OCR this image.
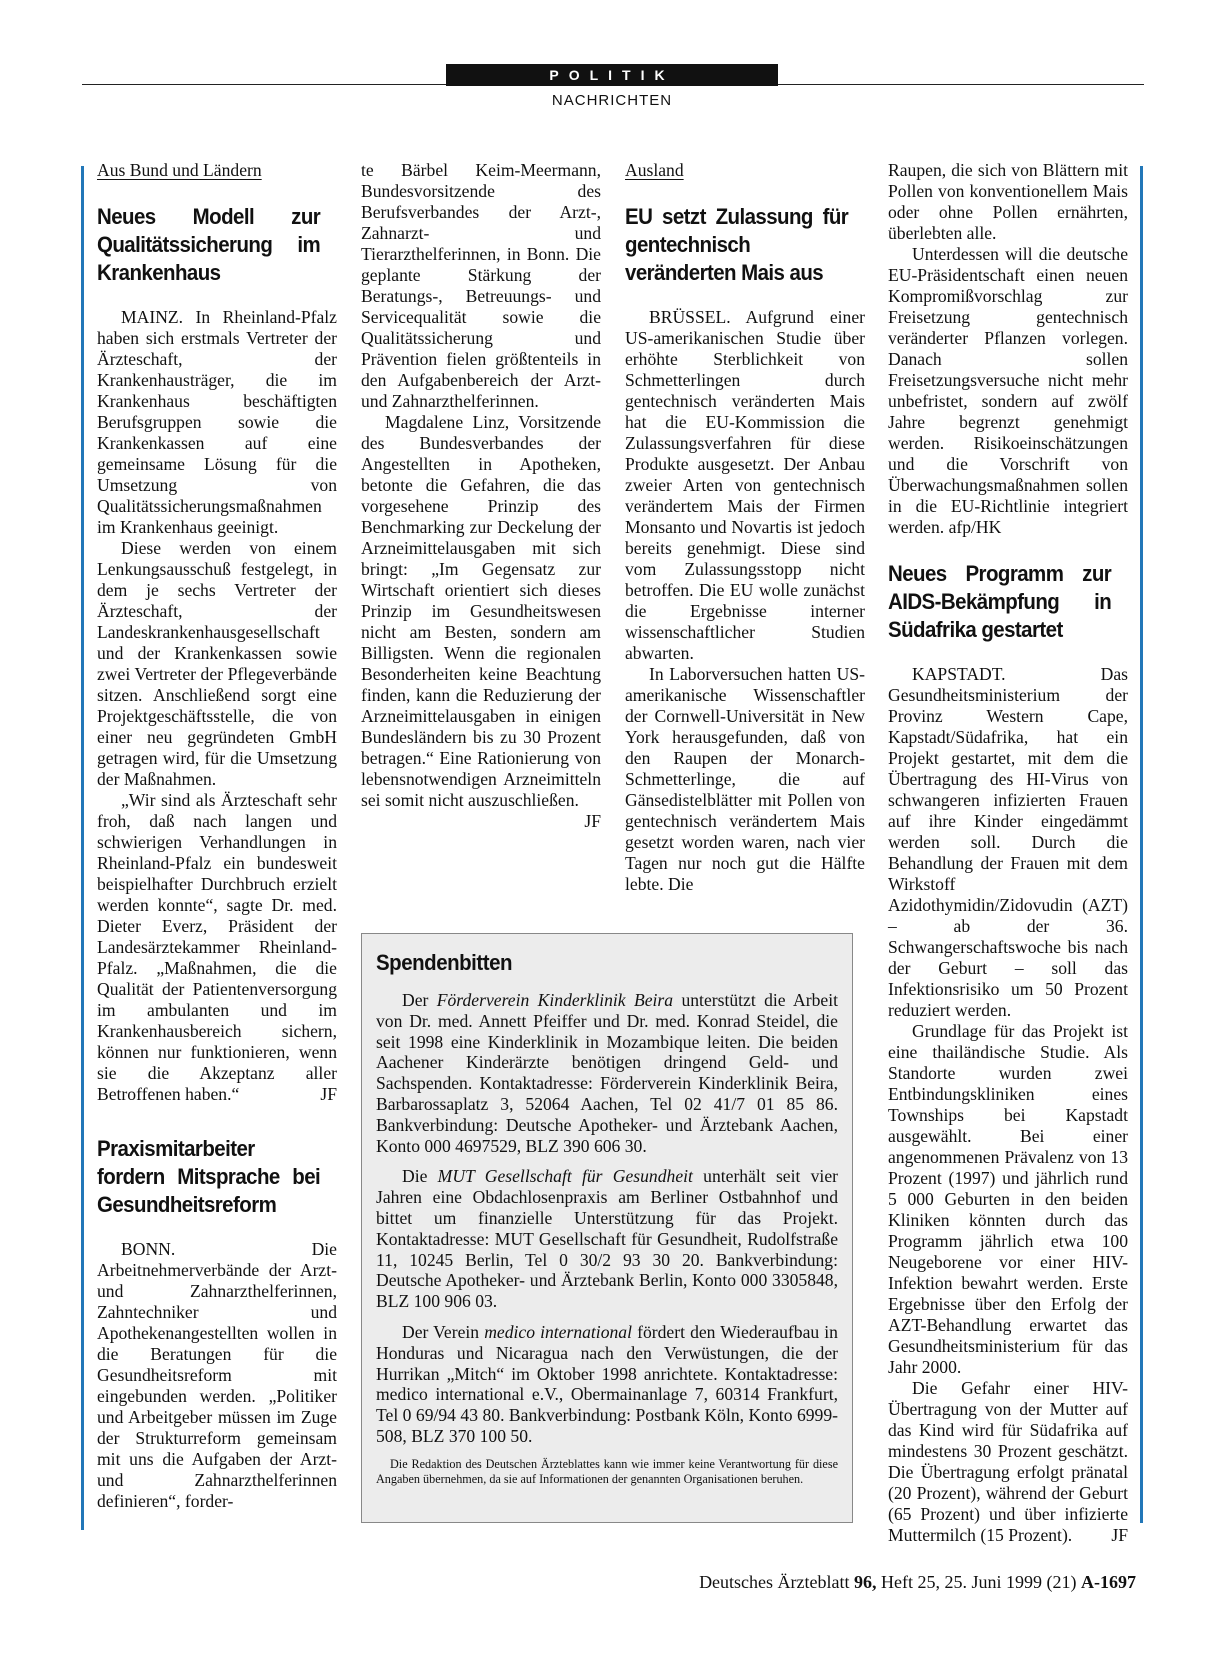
POLITIK
NACHRICHTEN
Aus Bund und Ländern
Neues Modell zur Qualitätssicherung im Krankenhaus

MAINZ. In Rheinland-Pfalz haben sich erstmals Vertreter der Ärzteschaft, der Krankenhausträger, die im Krankenhaus beschäftigten Berufsgruppen sowie die Krankenkassen auf eine gemeinsame Lösung für die Umsetzung von Qualitätssicherungsmaßnahmen im Krankenhaus geeinigt.

Diese werden von einem Lenkungsausschuß festgelegt, in dem je sechs Vertreter der Ärzteschaft, der Landeskrankenhausgesellschaft und der Krankenkassen sowie zwei Vertreter der Pflegeverbände sitzen. Anschließend sorgt eine Projektgeschäftsstelle, die von einer neu gegründeten GmbH getragen wird, für die Umsetzung der Maßnahmen.

„Wir sind als Ärzteschaft sehr froh, daß nach langen und schwierigen Verhandlungen in Rheinland-Pfalz ein bundesweit beispielhafter Durchbruch erzielt werden konnte“, sagte Dr. med. Dieter Everz, Präsident der Landesärztekammer Rheinland-Pfalz. „Maßnahmen, die die Qualität der Patientenversorgung im ambulanten und im Krankenhausbereich sichern, können nur funktionieren, wenn sie die Akzeptanz aller Betroffenen haben.“	JF

Praxismitarbeiter fordern Mitsprache bei Gesundheitsreform

BONN. Die Arbeitnehmerverbände der Arzt- und Zahnarzthelferinnen, Zahntechniker und Apothekenangestellten wollen in die Beratungen für die Gesundheitsreform mit eingebunden werden. „Politiker und Arbeitgeber müssen im Zuge der Strukturreform gemeinsam mit uns die Aufgaben der Arzt- und Zahnarzthelferinnen definieren“, forder-

te Bärbel Keim-Meermann, Bundesvorsitzende des Berufsverbandes der Arzt-, Zahnarzt- und Tierarzthelferinnen, in Bonn. Die geplante Stärkung der Beratungs-, Betreuungs- und Servicequalität sowie die Qualitätssicherung und Prävention fielen größtenteils in den Aufgabenbereich der Arzt- und Zahnarzthelferinnen.

Magdalene Linz, Vorsitzende des Bundesverbandes der Angestellten in Apotheken, betonte die Gefahren, die das vorgesehene Prinzip des Benchmarking zur Deckelung der Arzneimittelausgaben mit sich bringt: „Im Gegensatz zur Wirtschaft orientiert sich dieses Prinzip im Gesundheitswesen nicht am Besten, sondern am Billigsten. Wenn die regionalen Besonderheiten keine Beachtung finden, kann die Reduzierung der Arzneimittelausgaben in einigen Bundesländern bis zu 30 Prozent betragen.“ Eine Rationierung von lebensnotwendigen Arzneimitteln sei somit nicht auszuschließen.
JF

Ausland
EU setzt Zulassung für gentechnisch veränderten Mais aus

BRÜSSEL. Aufgrund einer US-amerikanischen Studie über erhöhte Sterblichkeit von Schmetterlingen durch gentechnisch veränderten Mais hat die EU-Kommission die Zulassungsverfahren für diese Produkte ausgesetzt. Der Anbau zweier Arten von gentechnisch verändertem Mais der Firmen Monsanto und Novartis ist jedoch bereits genehmigt. Diese sind vom Zulassungsstopp nicht betroffen. Die EU wolle zunächst die Ergebnisse interner wissenschaftlicher Studien abwarten.

In Laborversuchen hatten US-amerikanische Wissenschaftler der Cornwell-Universität in New York herausgefunden, daß von den Raupen der Monarch-Schmetterlinge, die auf Gänsedistelblätter mit Pollen von gentechnisch verändertem Mais gesetzt worden waren, nach vier Tagen nur noch gut die Hälfte lebte. Die

Raupen, die sich von Blättern mit Pollen von konventionellem Mais oder ohne Pollen ernährten, überlebten alle.

Unterdessen will die deutsche EU-Präsidentschaft einen neuen Kompromißvorschlag zur Freisetzung gentechnisch veränderter Pflanzen vorlegen. Danach sollen Freisetzungsversuche nicht mehr unbefristet, sondern auf zwölf Jahre begrenzt genehmigt werden. Risikoeinschätzungen und die Vorschrift von Überwachungsmaßnahmen sollen in die EU-Richtlinie integriert werden. afp/HK

Neues Programm zur AIDS-Bekämpfung in Südafrika gestartet

KAPSTADT. Das Gesundheitsministerium der Provinz Western Cape, Kapstadt/Südafrika, hat ein Projekt gestartet, mit dem die Übertragung des HI-Virus von schwangeren infizierten Frauen auf ihre Kinder eingedämmt werden soll. Durch die Behandlung der Frauen mit dem Wirkstoff Azidothymidin/Zidovudin (AZT) – ab der 36. Schwangerschaftswoche bis nach der Geburt – soll das Infektionsrisiko um 50 Prozent reduziert werden.

Grundlage für das Projekt ist eine thailändische Studie. Als Standorte wurden zwei Entbindungskliniken eines Townships bei Kapstadt ausgewählt. Bei einer angenommenen Prävalenz von 13 Prozent (1997) und jährlich rund 5 000 Geburten in den beiden Kliniken könnten durch das Programm jährlich etwa 100 Neugeborene vor einer HIV-Infektion bewahrt werden. Erste Ergebnisse über den Erfolg der AZT-Behandlung erwartet das Gesundheitsministerium für das Jahr 2000.

Die Gefahr einer HIV-Übertragung von der Mutter auf das Kind wird für Südafrika auf mindestens 30 Prozent geschätzt. Die Übertragung erfolgt pränatal (20 Prozent), während der Geburt (65 Prozent) und über infizierte Muttermilch (15 Prozent).	JF

Spendenbitten

Der Förderverein Kinderklinik Beira unterstützt die Arbeit von Dr. med. Annett Pfeiffer und Dr. med. Konrad Steidel, die seit 1998 eine Kinderklinik in Mozambique leiten. Die beiden Aachener Kinderärzte benötigen dringend Geld- und Sachspenden. Kontaktadresse: Förderverein Kinderklinik Beira, Barbarossaplatz 3, 52064 Aachen, Tel 02 41/7 01 85 86. Bankverbindung: Deutsche Apotheker- und Ärztebank Aachen, Konto 000 4697529, BLZ 390 606 30.

Die MUT Gesellschaft für Gesundheit unterhält seit vier Jahren eine Obdachlosenpraxis am Berliner Ostbahnhof und bittet um finanzielle Unterstützung für das Projekt. Kontaktadresse: MUT Gesellschaft für Gesundheit, Rudolfstraße 11, 10245 Berlin, Tel 0 30/2 93 30 20. Bankverbindung: Deutsche Apotheker- und Ärztebank Berlin, Konto 000 3305848, BLZ 100 906 03.

Der Verein medico international fördert den Wiederaufbau in Honduras und Nicaragua nach den Verwüstungen, die der Hurrikan „Mitch“ im Oktober 1998 anrichtete. Kontaktadresse: medico international e.V., Obermainanlage 7, 60314 Frankfurt, Tel 0 69/94 43 80. Bankverbindung: Postbank Köln, Konto 6999-508, BLZ 370 100 50.

Die Redaktion des Deutschen Ärzteblattes kann wie immer keine Verantwortung für diese Angaben übernehmen, da sie auf Informationen der genannten Organisationen beruhen.

Deutsches Ärzteblatt 96, Heft 25, 25. Juni 1999 (21) A-1697
